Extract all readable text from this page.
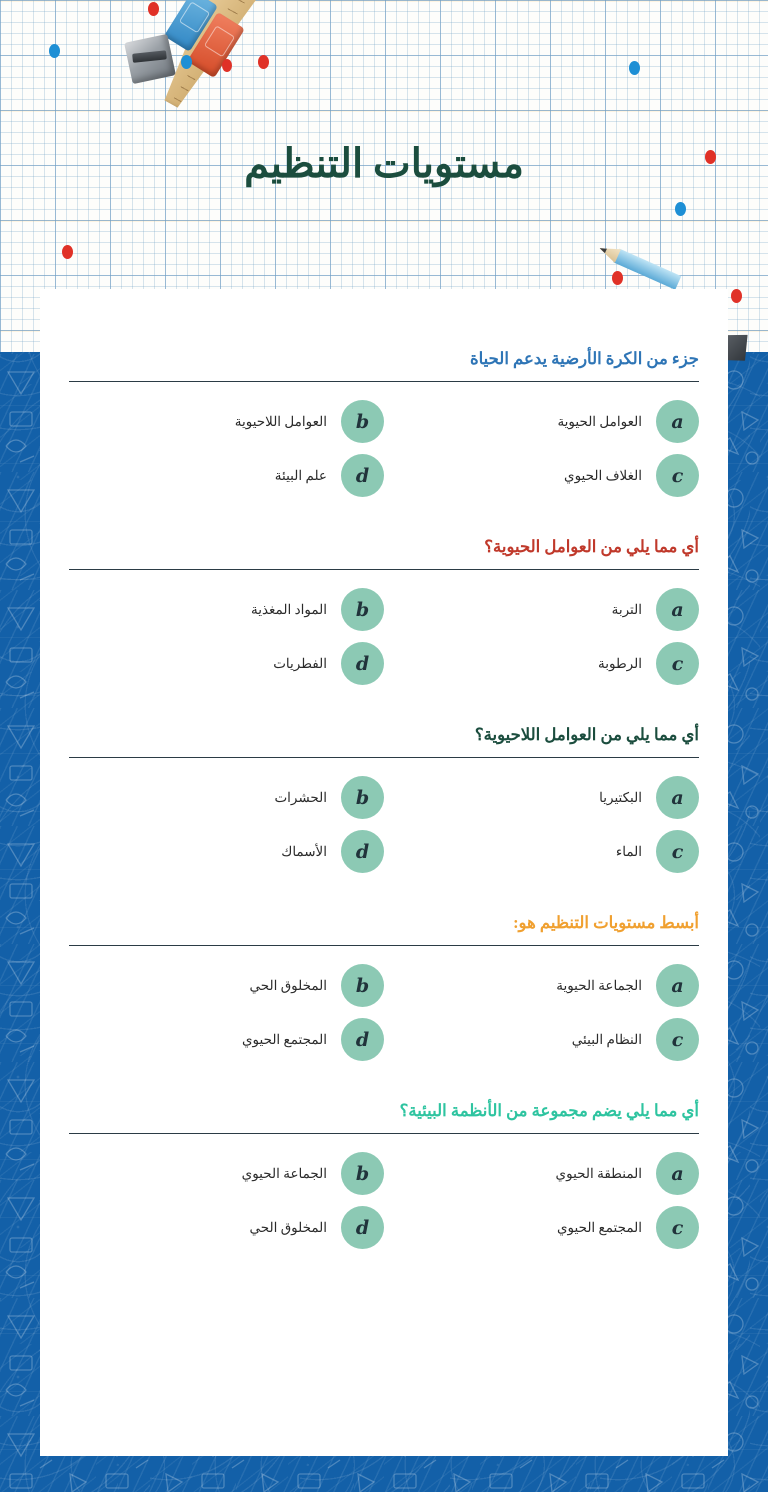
مستويات التنظيم
جزء من الكرة الأرضية يدعم الحياة
a
العوامل الحيوية
b
العوامل اللاحيوية
c
الغلاف الحيوي
d
علم البيئة
أي مما يلي من العوامل الحيوية؟
a
التربة
b
المواد المغذية
c
الرطوبة
d
الفطريات
أي مما يلي من العوامل اللاحيوية؟
a
البكتيريا
b
الحشرات
c
الماء
d
الأسماك
أبسط مستويات التنظيم هو:
a
الجماعة الحيوية
b
المخلوق الحي
c
النظام البيئي
d
المجتمع الحيوي
أي مما يلي يضم مجموعة من الأنظمة البيئية؟
a
المنطقة الحيوي
b
الجماعة الحيوي
c
المجتمع الحيوي
d
المخلوق الحي
